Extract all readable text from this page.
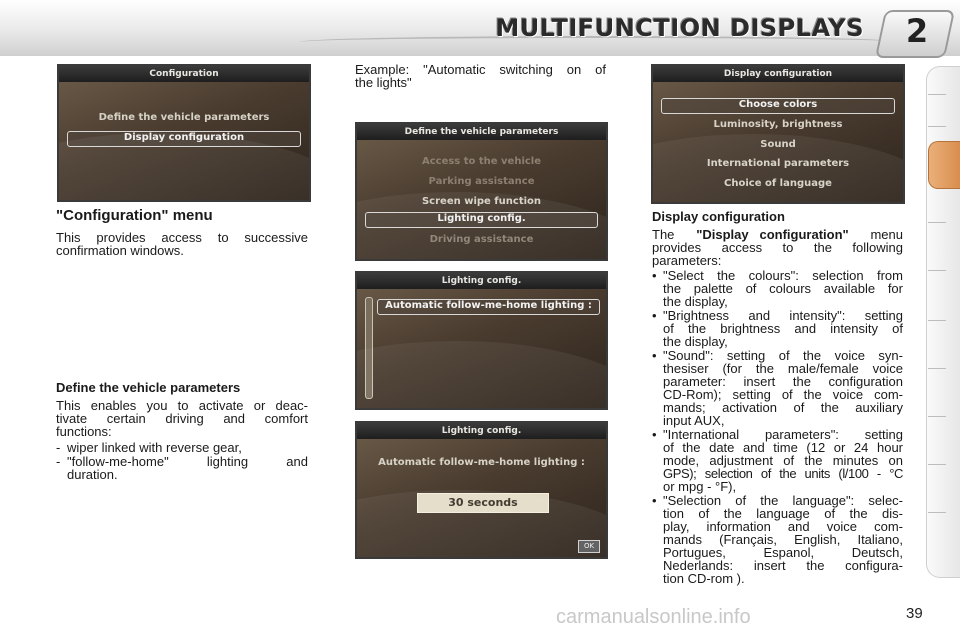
MULTIFUNCTION DISPLAYS	2
Configuration
Define the vehicle parameters
Display configuration
"Configuration" menu
This provides access to successive
confirmation windows.
Define the vehicle parameters
This enables you to activate or deac-
tivate certain driving and comfort
functions:
- wiper linked with reverse gear,
- "follow-me-home" lighting and
duration.
Example: "Automatic switching on of
the lights"
Define the vehicle parameters
Access to the vehicle
Parking assistance
Screen wipe function
Lighting config.
Driving assistance
Lighting config.
Automatic follow-me-home lighting :
Lighting config.
Automatic follow-me-home lighting :
30 seconds
OK
Display configuration
Choose colors
Luminosity, brightness
Sound
International parameters
Choice of language
Display configuration
The "Display configuration" menu
provides access to the following
parameters:
• "Select the colours": selection from
the palette of colours available for
the display,
• "Brightness and intensity": setting
of the brightness and intensity of
the display,
• "Sound": setting of the voice syn-
thesiser (for the male/female voice
parameter: insert the configuration
CD-Rom); setting of the voice com-
mands; activation of the auxiliary
input AUX,
• "International parameters": setting
of the date and time (12 or 24 hour
mode, adjustment of the minutes on
GPS); selection of the units (l/100 - °C
or mpg - °F),
• "Selection of the language": selec-
tion of the language of the dis-
play, information and voice com-
mands (Français, English, Italiano,
Portugues, Espanol, Deutsch,
Nederlands: insert the configura-
tion CD-rom ).
carmanualsonline.info	39
